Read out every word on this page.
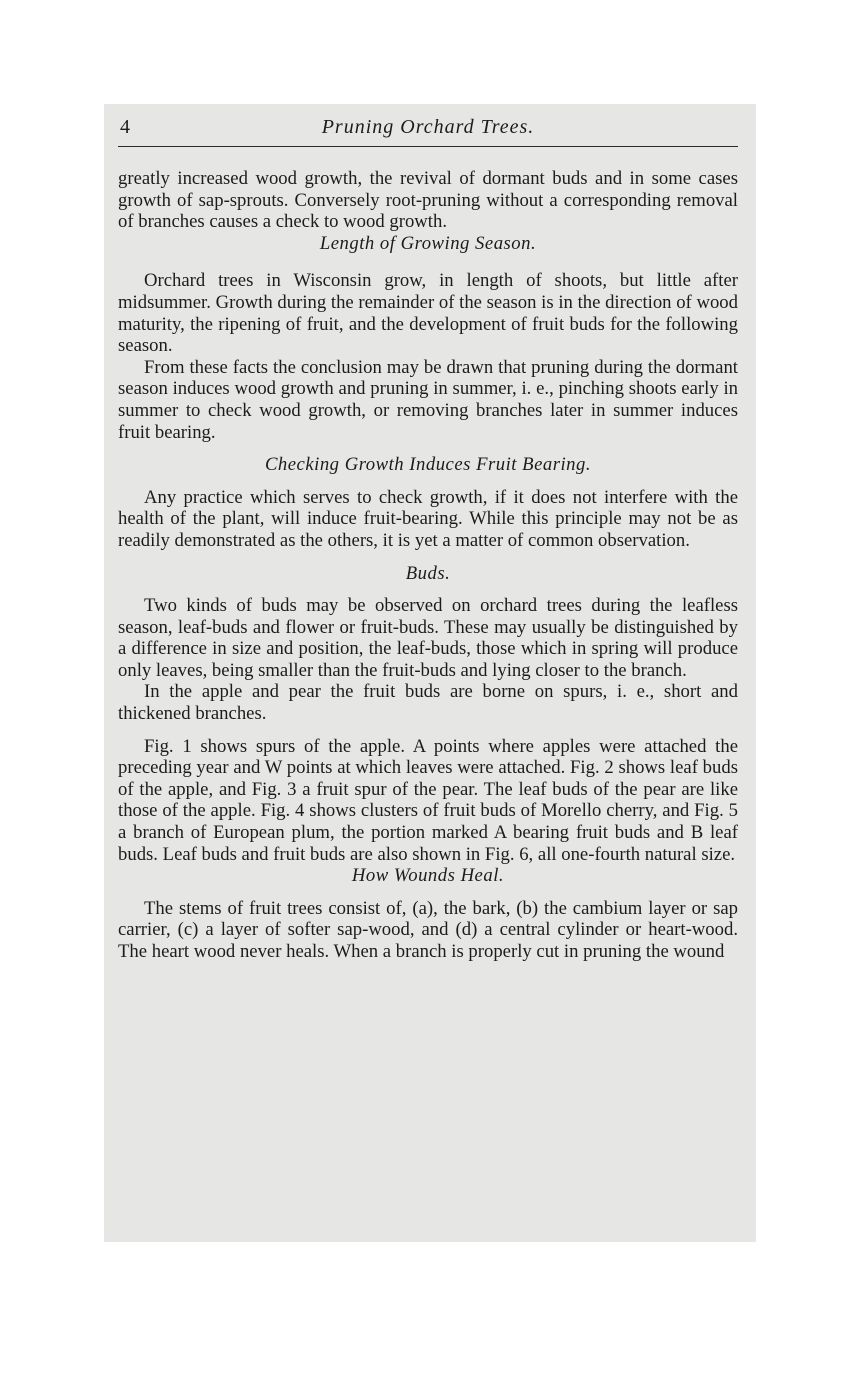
4	Pruning Orchard Trees.

greatly increased wood growth, the revival of dormant buds and in some cases growth of sap-sprouts. Conversely root-pruning without a corresponding removal of branches causes a check to wood growth.

Length of Growing Season.

Orchard trees in Wisconsin grow, in length of shoots, but little after midsummer. Growth during the remainder of the season is in the direction of wood maturity, the ripening of fruit, and the development of fruit buds for the following season.

From these facts the conclusion may be drawn that pruning during the dormant season induces wood growth and pruning in summer, i. e., pinching shoots early in summer to check wood growth, or removing branches later in summer induces fruit bearing.

Checking Growth Induces Fruit Bearing.

Any practice which serves to check growth, if it does not interfere with the health of the plant, will induce fruit-bearing. While this principle may not be as readily demonstrated as the others, it is yet a matter of common observation.

Buds.

Two kinds of buds may be observed on orchard trees during the leafless season, leaf-buds and flower or fruit-buds. These may usually be distinguished by a difference in size and position, the leaf-buds, those which in spring will produce only leaves, being smaller than the fruit-buds and lying closer to the branch.

In the apple and pear the fruit buds are borne on spurs, i. e., short and thickened branches.

Fig. 1 shows spurs of the apple. A points where apples were attached the preceding year and W points at which leaves were attached. Fig. 2 shows leaf buds of the apple, and Fig. 3 a fruit spur of the pear. The leaf buds of the pear are like those of the apple. Fig. 4 shows clusters of fruit buds of Morello cherry, and Fig. 5 a branch of European plum, the portion marked A bearing fruit buds and B leaf buds. Leaf buds and fruit buds are also shown in Fig. 6, all one-fourth natural size.

How Wounds Heal.

The stems of fruit trees consist of, (a), the bark, (b) the cambium layer or sap carrier, (c) a layer of softer sap-wood, and (d) a central cylinder or heart-wood. The heart wood never heals. When a branch is properly cut in pruning the wound
